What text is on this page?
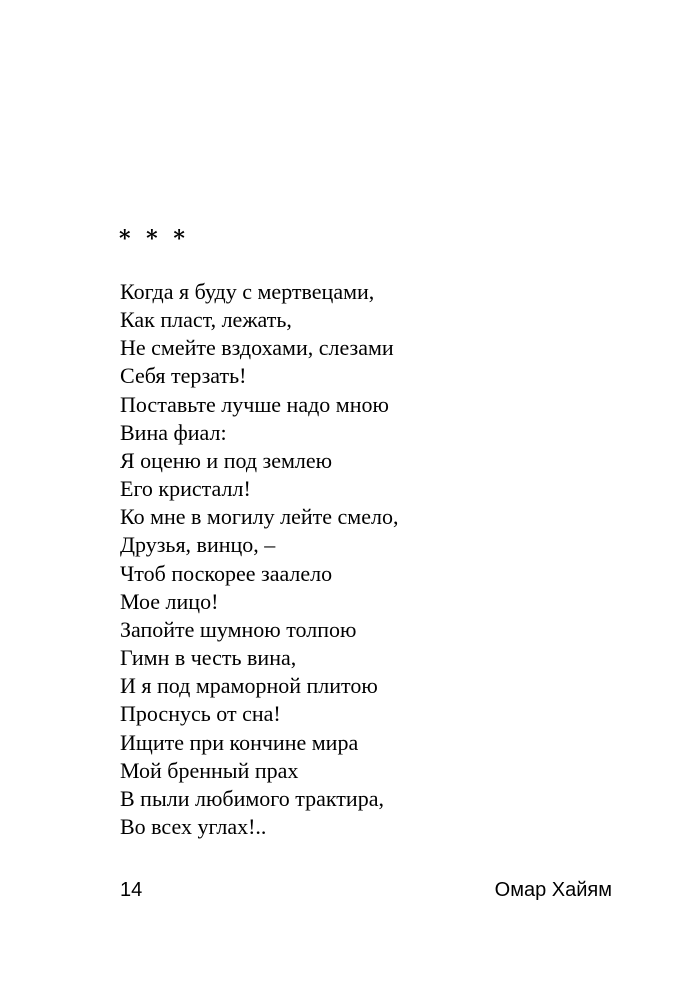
* * *
Когда я буду с мертвецами,
Как пласт, лежать,
Не смейте вздохами, слезами
Себя терзать!
Поставьте лучше надо мною
Вина фиал:
Я оценю и под землею
Его кристалл!
Ко мне в могилу лейте смело,
Друзья, винцо, –
Чтоб поскорее заалело
Мое лицо!
Запойте шумною толпою
Гимн в честь вина,
И я под мраморной плитою
Проснусь от сна!
Ищите при кончине мира
Мой бренный прах
В пыли любимого трактира,
Во всех углах!..
14	Омар Хайям
